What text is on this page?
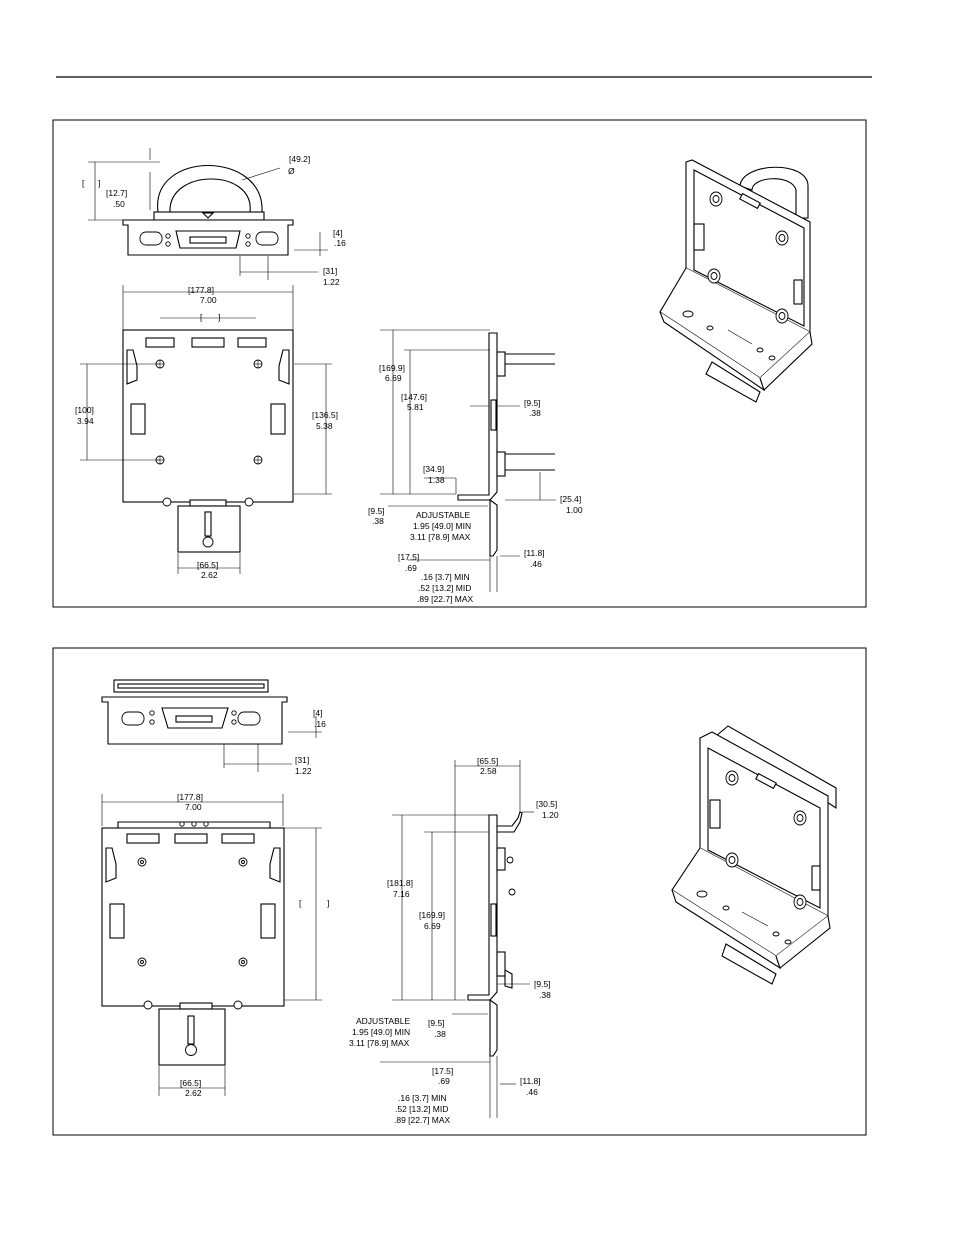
[ ]
[12.7]
.50
[49.2]
Ø
[4]
.16
[31]
1.22
[177.8]
7.00
[ ]
[100]
3.94
[136.5]
5.38
[66.5]
2.62
[169.9]
6.69
[147.6]
5.81	[9.5]
.38
[34.9]
1.38
[25.4]
1.00
[9.5]
.38
ADJUSTABLE
1.95 [49.0] MIN
3.11 [78.9] MAX
[17.5]
.69
[11.8]
.46
.16 [3.7] MIN
.52 [13.2] MID
.89 [22.7] MAX
[4]
.16
[31]
1.22
[177.8]
7.00
[	]
[66.5]
2.62
[65.5]
2.58
[30.5]
1.20
[181.8]
7.16
[169.9]
6.69
[9.5]
.38
ADJUSTABLE
1.95 [49.0] MIN
3.11 [78.9] MAX
[9.5]
.38
[17.5]
.69	[11.8]
.46
.16 [3.7] MIN
.52 [13.2] MID
.89 [22.7] MAX
